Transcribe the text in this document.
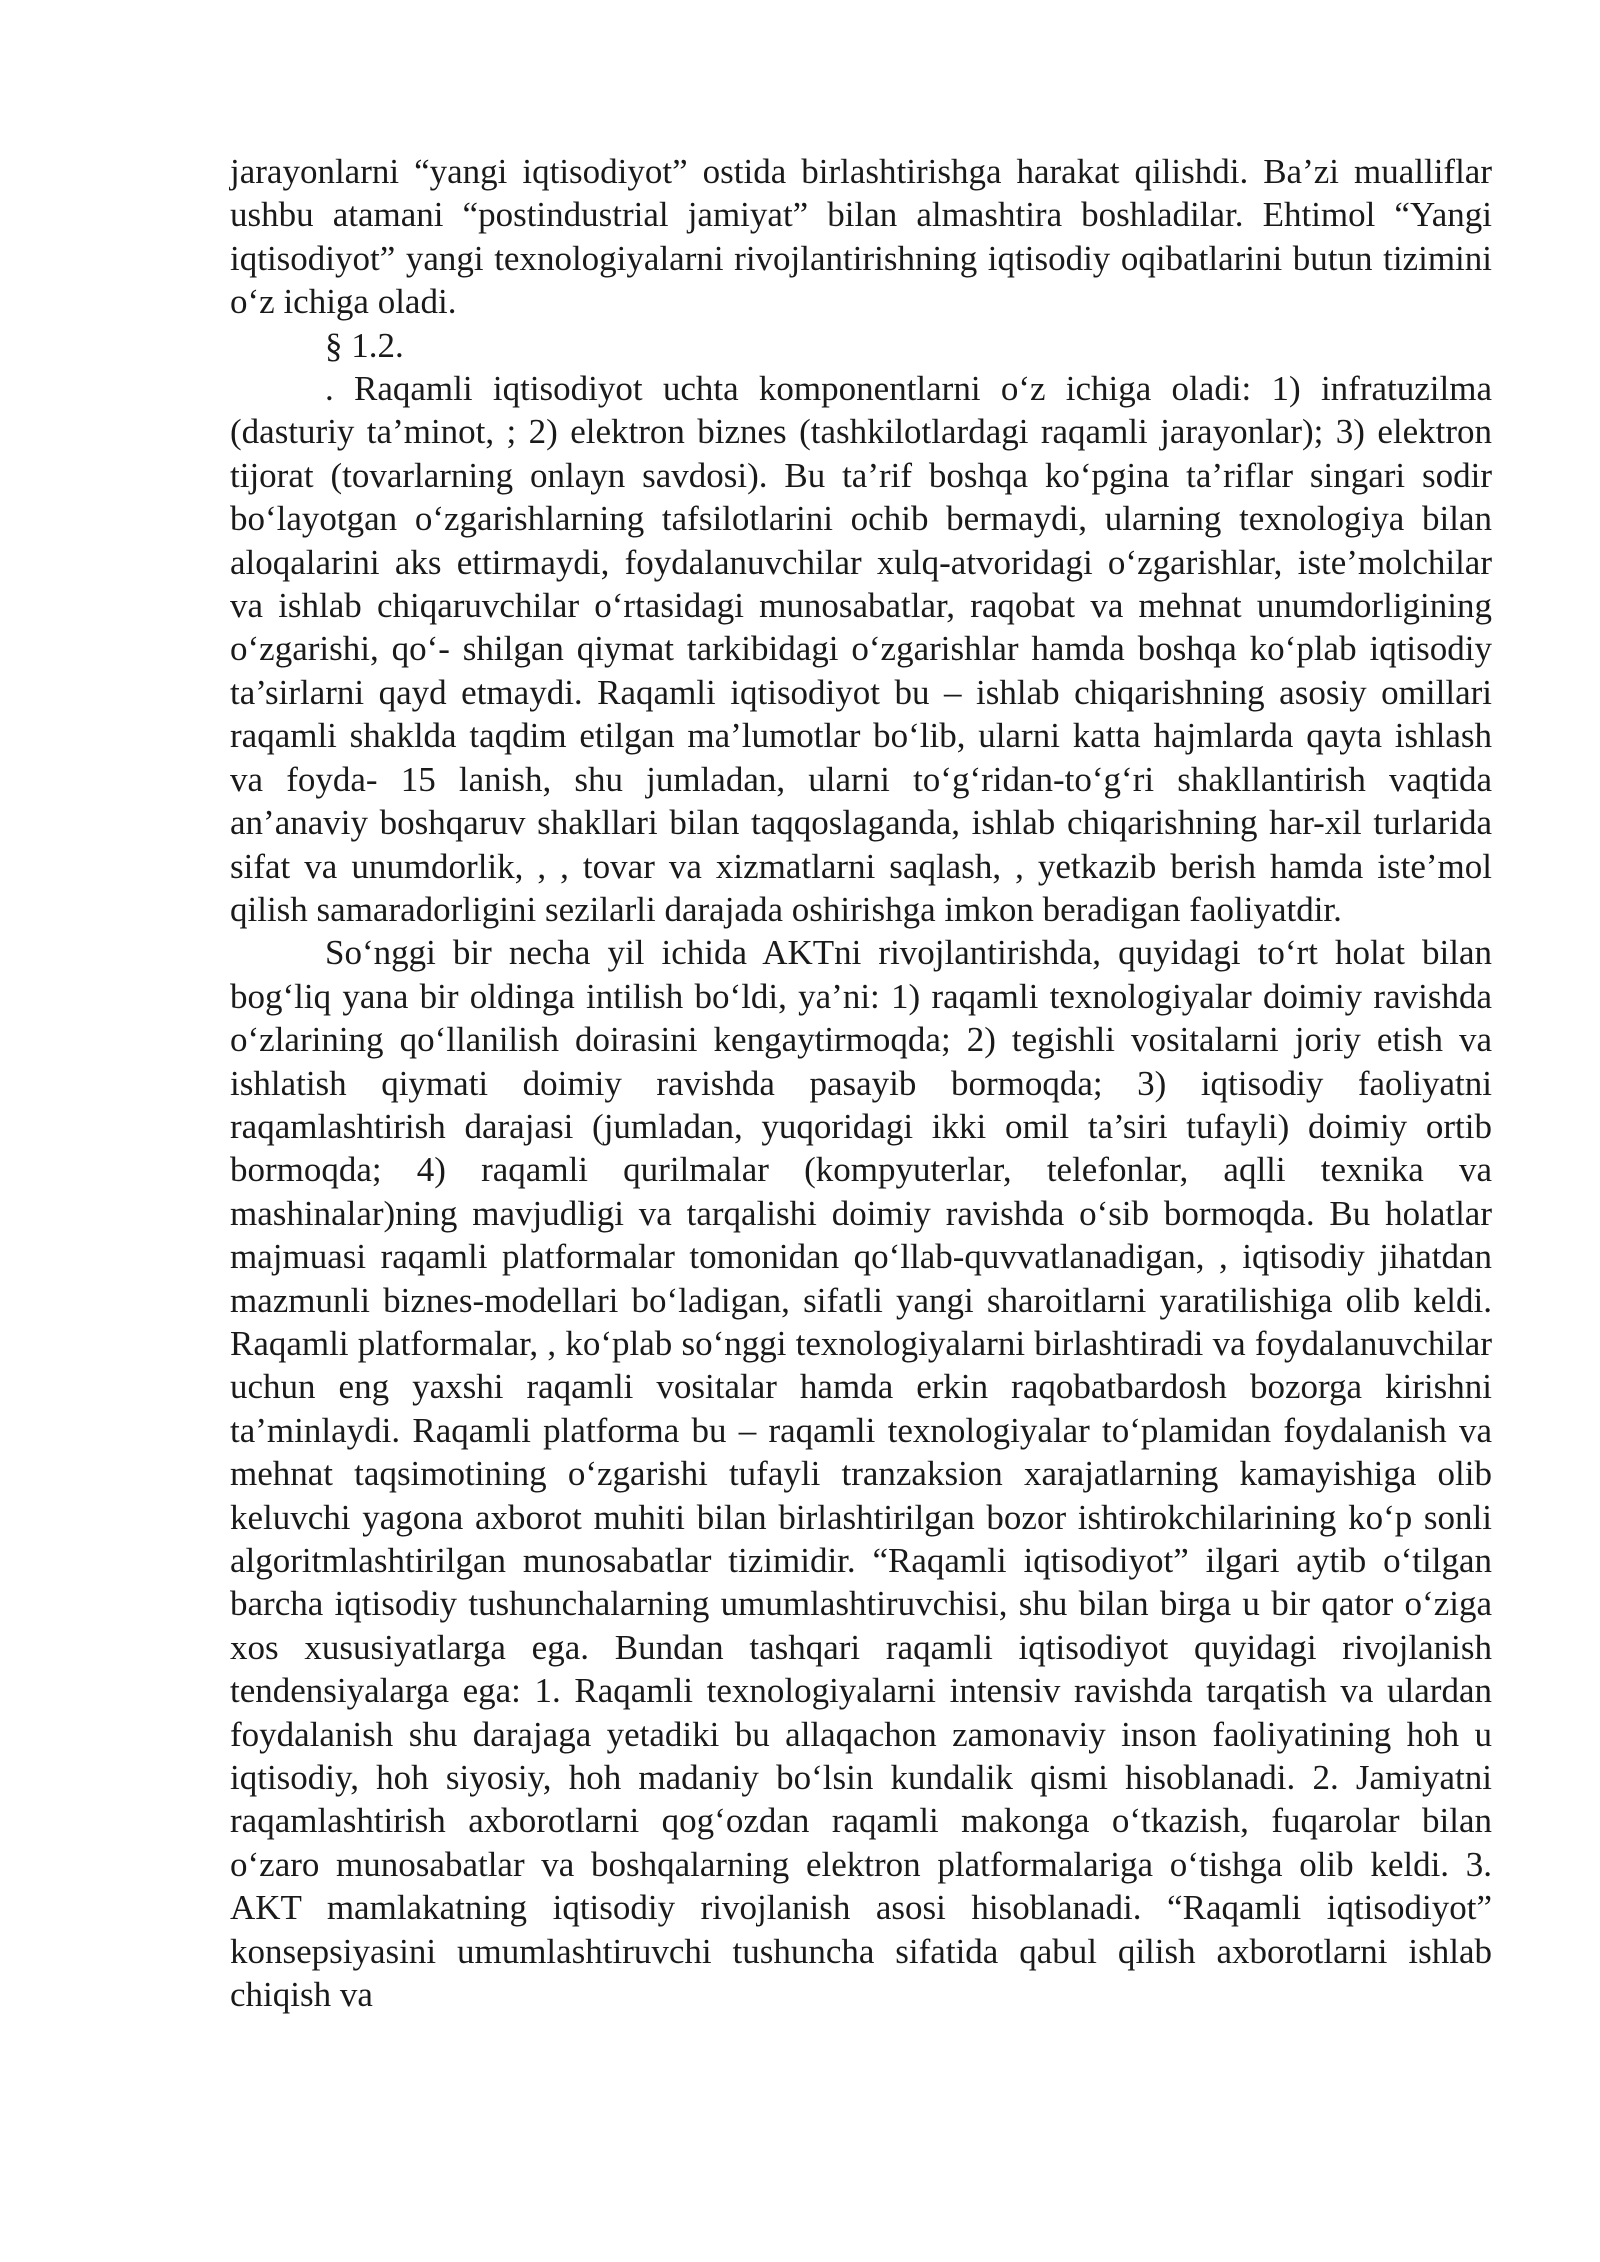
jarayonlarni “yangi iqtisodiyot” ostida birlashtirishga harakat qilishdi. Ba’zi mualliflar ushbu atamani “postindustrial jamiyat” bilan almashtira boshladilar. Ehtimol “Yangi iqtisodiyot” yangi texnologiyalarni rivojlantirishning iqtisodiy oqibatlarini butun tizimini o‘z ichiga oladi.

§ 1.2.

. Raqamli iqtisodiyot uchta komponentlarni o‘z ichiga oladi: 1) infratuzilma (dasturiy ta’minot, ; 2) elektron biznes (tashkilotlardagi raqamli jarayonlar); 3) elektron tijorat (tovarlarning onlayn savdosi). Bu ta’rif boshqa ko‘pgina ta’riflar singari sodir bo‘layotgan o‘zgarishlarning tafsilotlarini ochib bermaydi, ularning texnologiya bilan aloqalarini aks ettirmaydi, foydalanuvchilar xulq-atvoridagi o‘zgarishlar, iste’molchilar va ishlab chiqaruvchilar o‘rtasidagi munosabatlar, raqobat va mehnat unumdorligining o‘zgarishi, qo‘- shilgan qiymat tarkibidagi o‘zgarishlar hamda boshqa ko‘plab iqtisodiy ta’sirlarni qayd etmaydi. Raqamli iqtisodiyot bu – ishlab chiqarishning asosiy omillari raqamli shaklda taqdim etilgan ma’lumotlar bo‘lib, ularni katta hajmlarda qayta ishlash va foyda- 15 lanish, shu jumladan, ularni to‘g‘ridan-to‘g‘ri shakllantirish vaqtida an’anaviy boshqaruv shakllari bilan taqqoslaganda, ishlab chiqarishning har-xil turlarida sifat va unumdorlik, , , tovar va xizmatlarni saqlash, , yetkazib berish hamda iste’mol qilish samaradorligini sezilarli darajada oshirishga imkon beradigan faoliyatdir.

So‘nggi bir necha yil ichida AKTni rivojlantirishda, quyidagi to‘rt holat bilan bog‘liq yana bir oldinga intilish bo‘ldi, ya’ni: 1) raqamli texnologiyalar doimiy ravishda o‘zlarining qo‘llanilish doirasini kengaytirmoqda; 2) tegishli vositalarni joriy etish va ishlatish qiymati doimiy ravishda pasayib bormoqda; 3) iqtisodiy faoliyatni raqamlashtirish darajasi (jumladan, yuqoridagi ikki omil ta’siri tufayli) doimiy ortib bormoqda; 4) raqamli qurilmalar (kompyuterlar, telefonlar, aqlli texnika va mashinalar)ning mavjudligi va tarqalishi doimiy ravishda o‘sib bormoqda. Bu holatlar majmuasi raqamli platformalar tomonidan qo‘llab-quvvatlanadigan, , iqtisodiy jihatdan mazmunli biznes-modellari bo‘ladigan, sifatli yangi sharoitlarni yaratilishiga olib keldi. Raqamli platformalar, , ko‘plab so‘nggi texnologiyalarni birlashtiradi va foydalanuvchilar uchun eng yaxshi raqamli vositalar hamda erkin raqobatbardosh bozorga kirishni ta’minlaydi. Raqamli platforma bu – raqamli texnologiyalar to‘plamidan foydalanish va mehnat taqsimotining o‘zgarishi tufayli tranzaksion xarajatlarning kamayishiga olib keluvchi yagona axborot muhiti bilan birlashtirilgan bozor ishtirokchilarining ko‘p sonli algoritmlashtirilgan munosabatlar tizimidir. “Raqamli iqtisodiyot” ilgari aytib o‘tilgan barcha iqtisodiy tushunchalarning umumlashtiruvchisi, shu bilan birga u bir qator o‘ziga xos xususiyatlarga ega. Bundan tashqari raqamli iqtisodiyot quyidagi rivojlanish tendensiyalarga ega: 1. Raqamli texnologiyalarni intensiv ravishda tarqatish va ulardan foydalanish shu darajaga yetadiki bu allaqachon zamonaviy inson faoliyatining hoh u iqtisodiy, hoh siyosiy, hoh madaniy bo‘lsin kundalik qismi hisoblanadi. 2. Jamiyatni raqamlashtirish axborotlarni qog‘ozdan raqamli makonga o‘tkazish, fuqarolar bilan o‘zaro munosabatlar va boshqalarning elektron platformalariga o‘tishga olib keldi. 3. AKT mamlakatning iqtisodiy rivojlanish asosi hisoblanadi. “Raqamli iqtisodiyot” konsepsiyasini umumlashtiruvchi tushuncha sifatida qabul qilish axborotlarni ishlab chiqish va
